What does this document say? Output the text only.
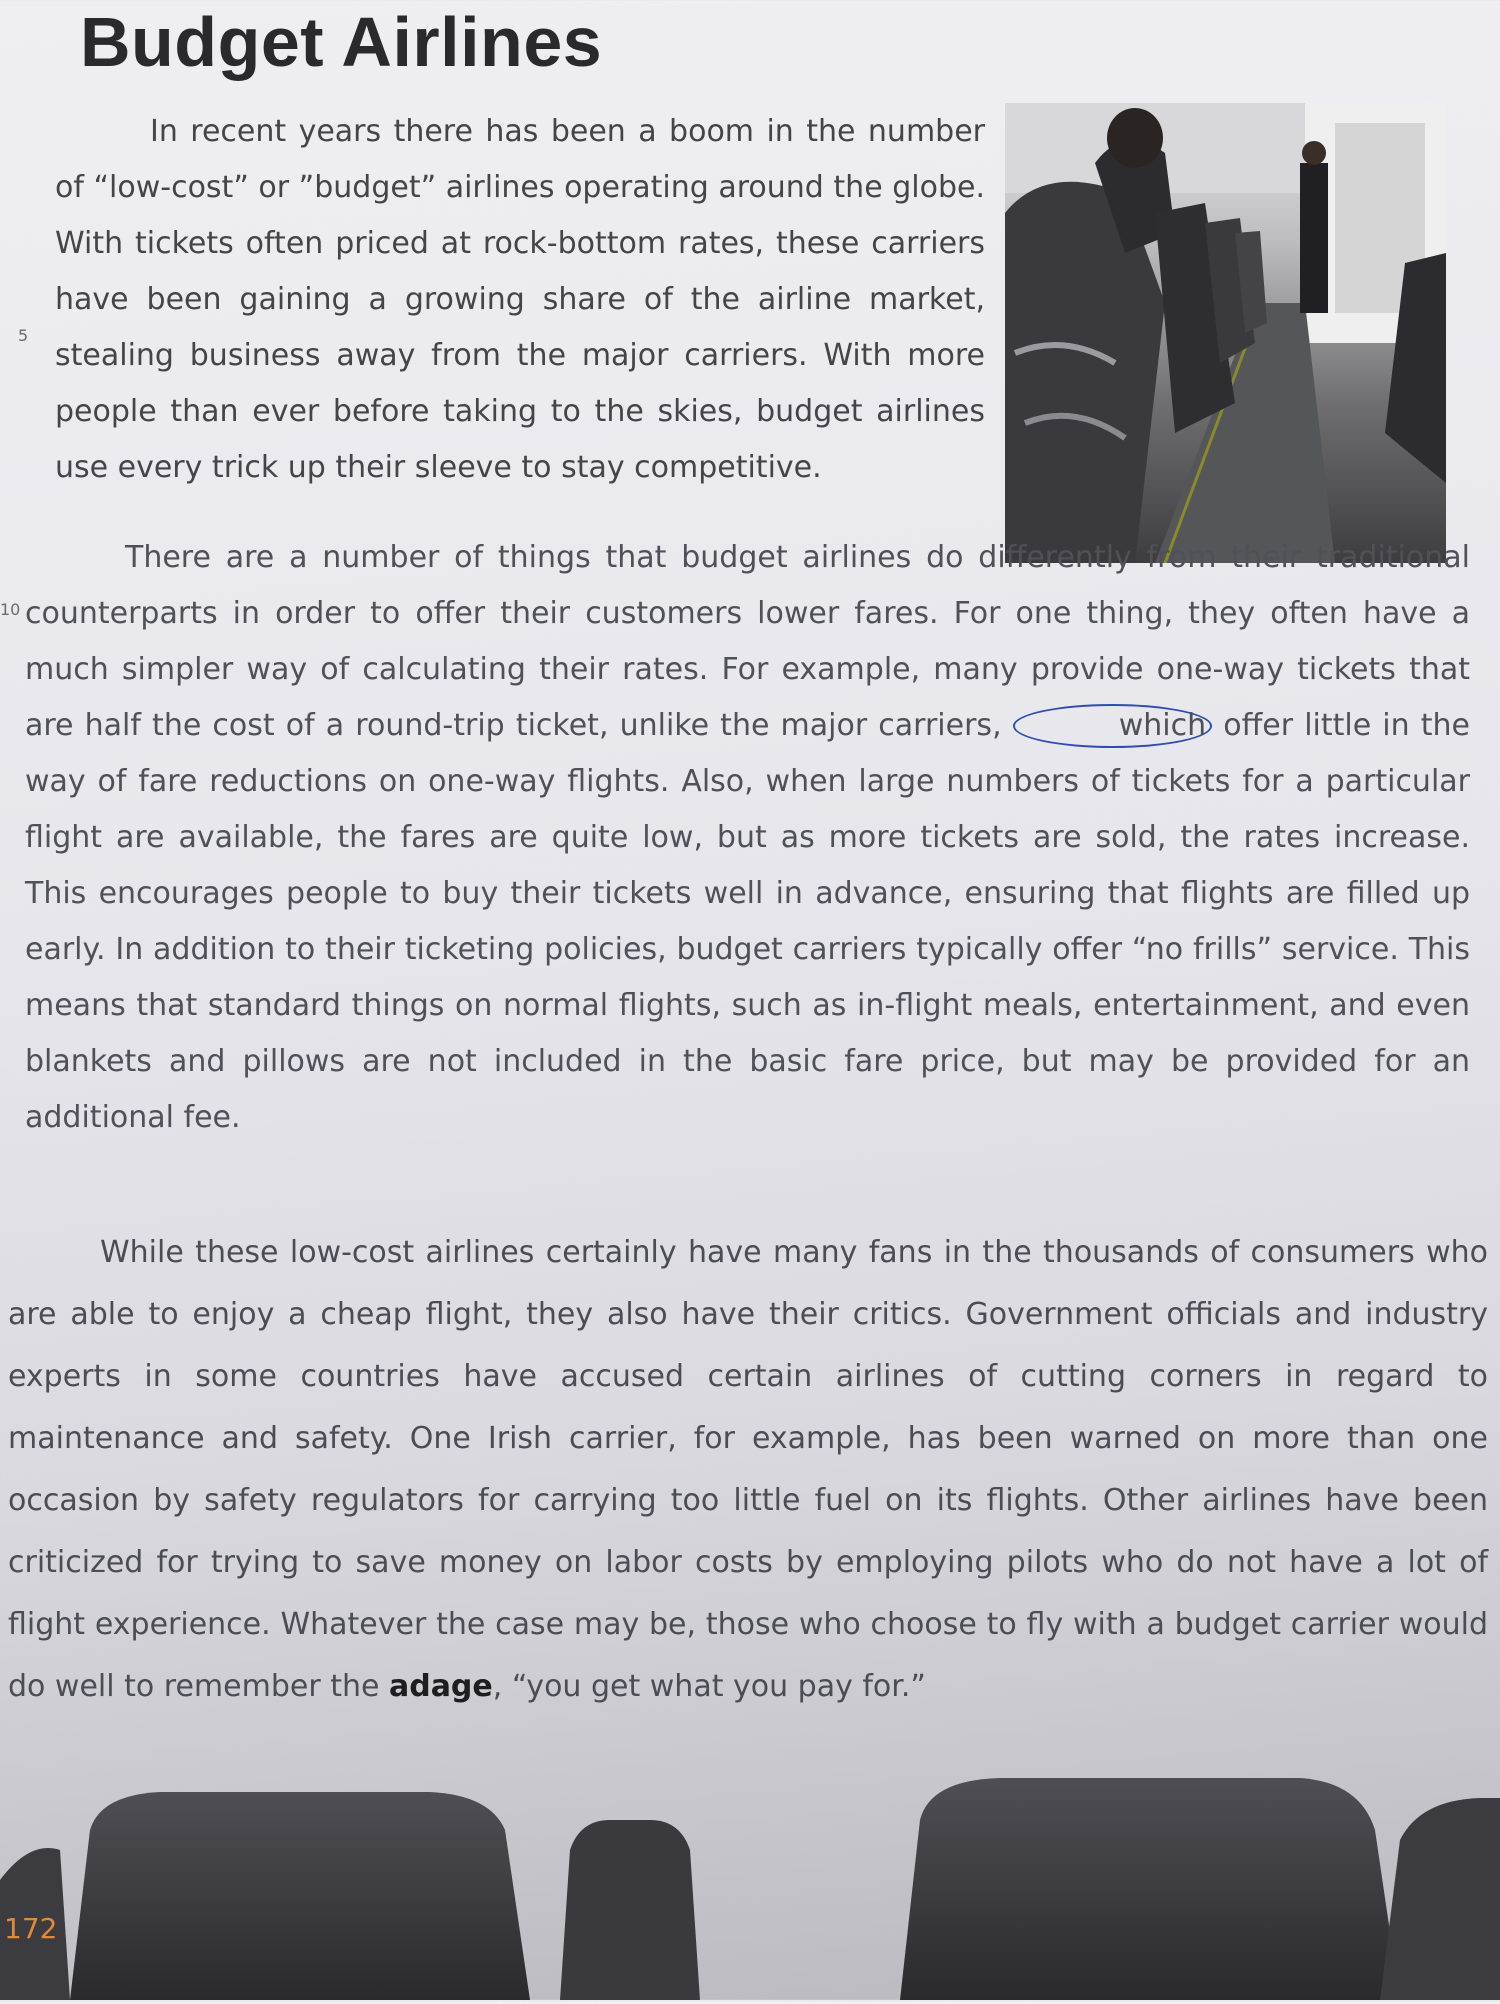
Budget Airlines

In recent years there has been a boom in the number of “low-cost” or ”budget” airlines operating around the globe. With tickets often priced at rock-bottom rates, these carriers have been gaining a growing share of the airline market, stealing business away from the major carriers. With more people than ever before taking to the skies, budget airlines use every trick up their sleeve to stay competitive.

There are a number of things that budget airlines do differently from their traditional counterparts in order to offer their customers lower fares. For one thing, they often have a much simpler way of calculating their rates. For example, many provide one-way tickets that are half the cost of a round-trip ticket, unlike the major carriers,	which offer little in the way of fare reductions on one-way flights. Also, when large numbers of tickets for a particular flight are available, the fares are quite low, but as more tickets are sold, the rates increase. This encourages people to buy their tickets well in advance, ensuring that flights are filled up early. In addition to their ticketing policies, budget carriers typically offer “no frills” service. This means that standard things on normal flights, such as in-flight meals, entertainment, and even blankets and pillows are not included in the basic fare price, but may be provided for an additional fee.

While these low-cost airlines certainly have many fans in the thousands of consumers who are able to enjoy a cheap flight, they also have their critics. Government officials and industry experts in some countries have accused certain airlines of cutting corners in regard to maintenance and safety. One Irish carrier, for example, has been warned on more than one occasion by safety regulators for carrying too little fuel on its flights. Other airlines have been criticized for trying to save money on labor costs by employing pilots who do not have a lot of flight experience. Whatever the case may be, those who choose to fly with a budget carrier would do well to remember the adage, “you get what you pay for.”

5
10
172
